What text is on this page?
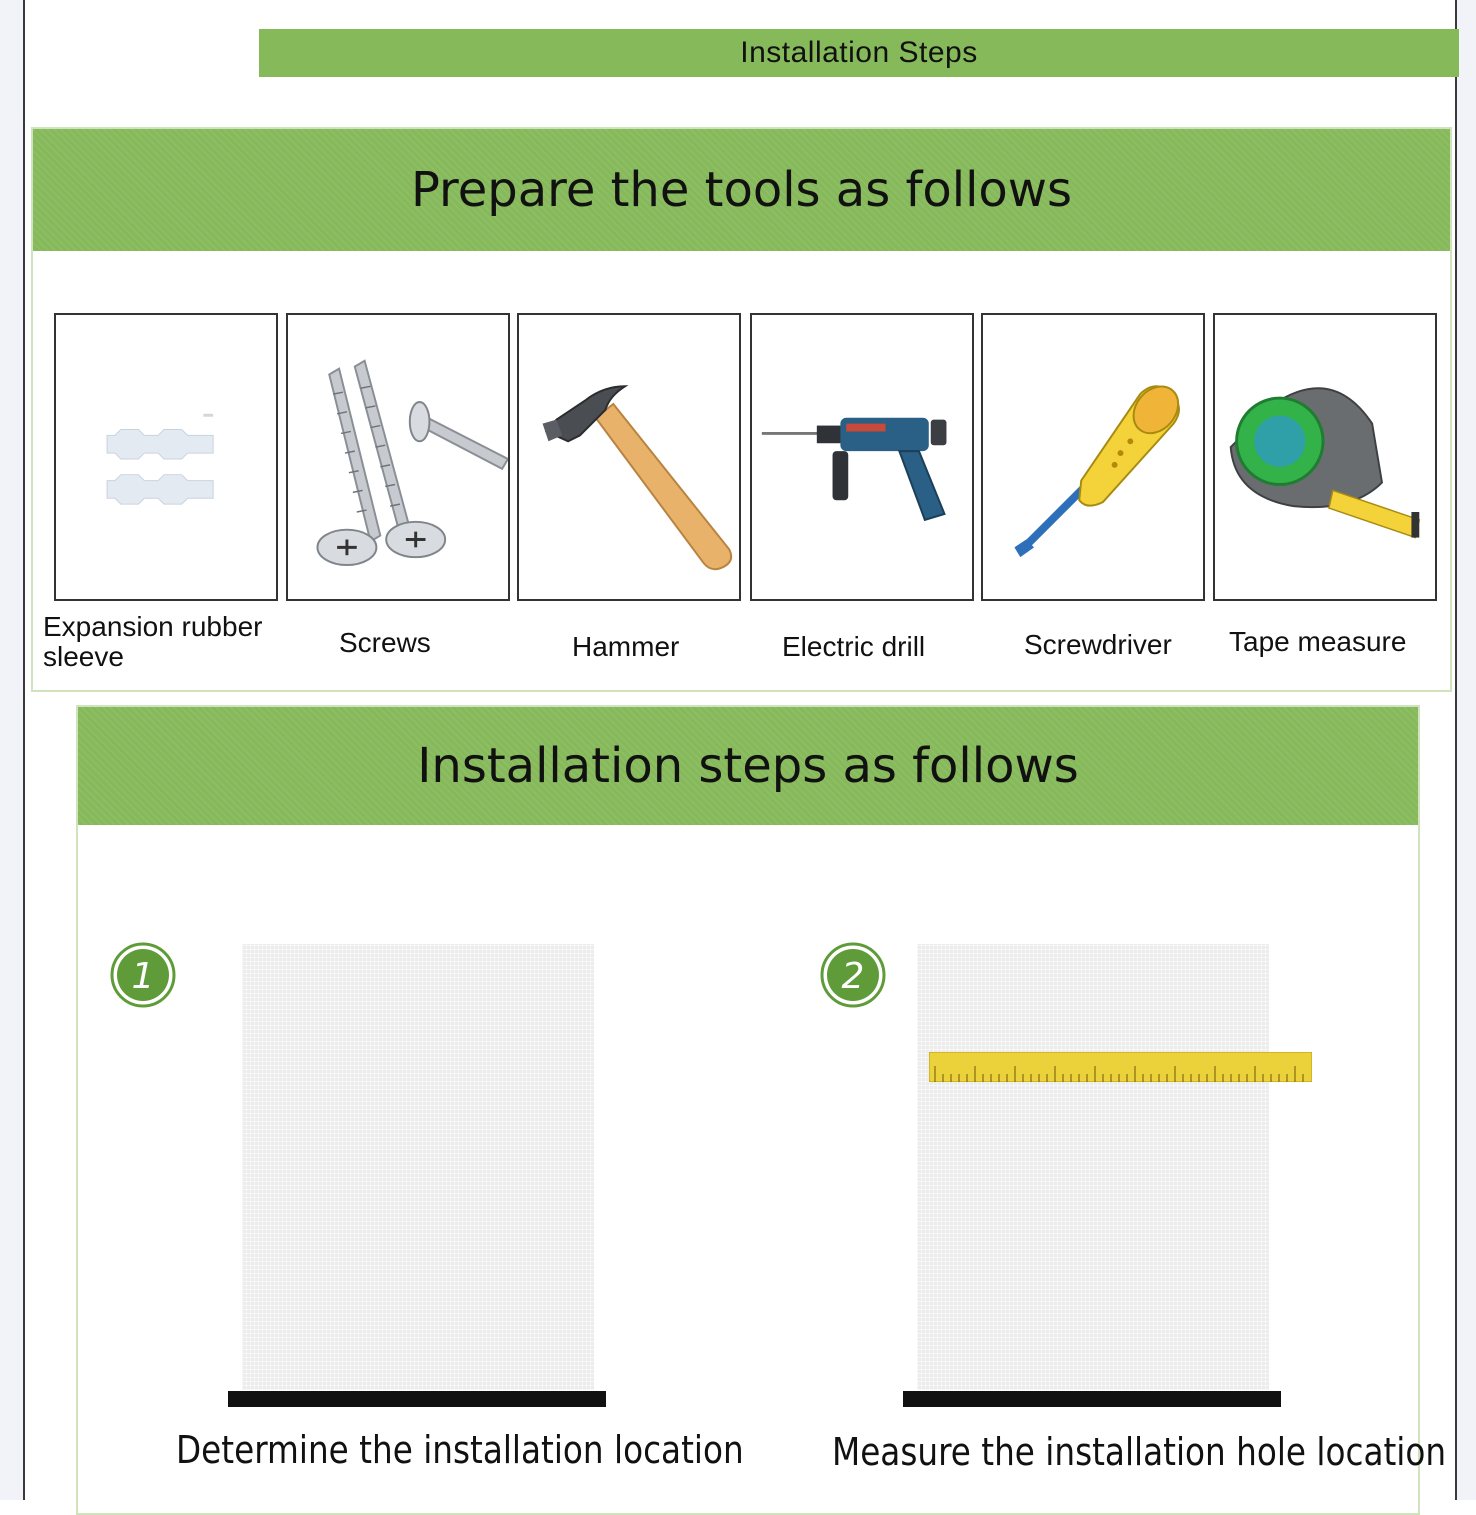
Installation Steps
Prepare the tools as follows
Expansion rubber
sleeve	Screws	Hammer	Electric drill	Screwdriver Tape measure
Installation steps as follows
1
Determine the installation location
2
Measure the installation hole location
